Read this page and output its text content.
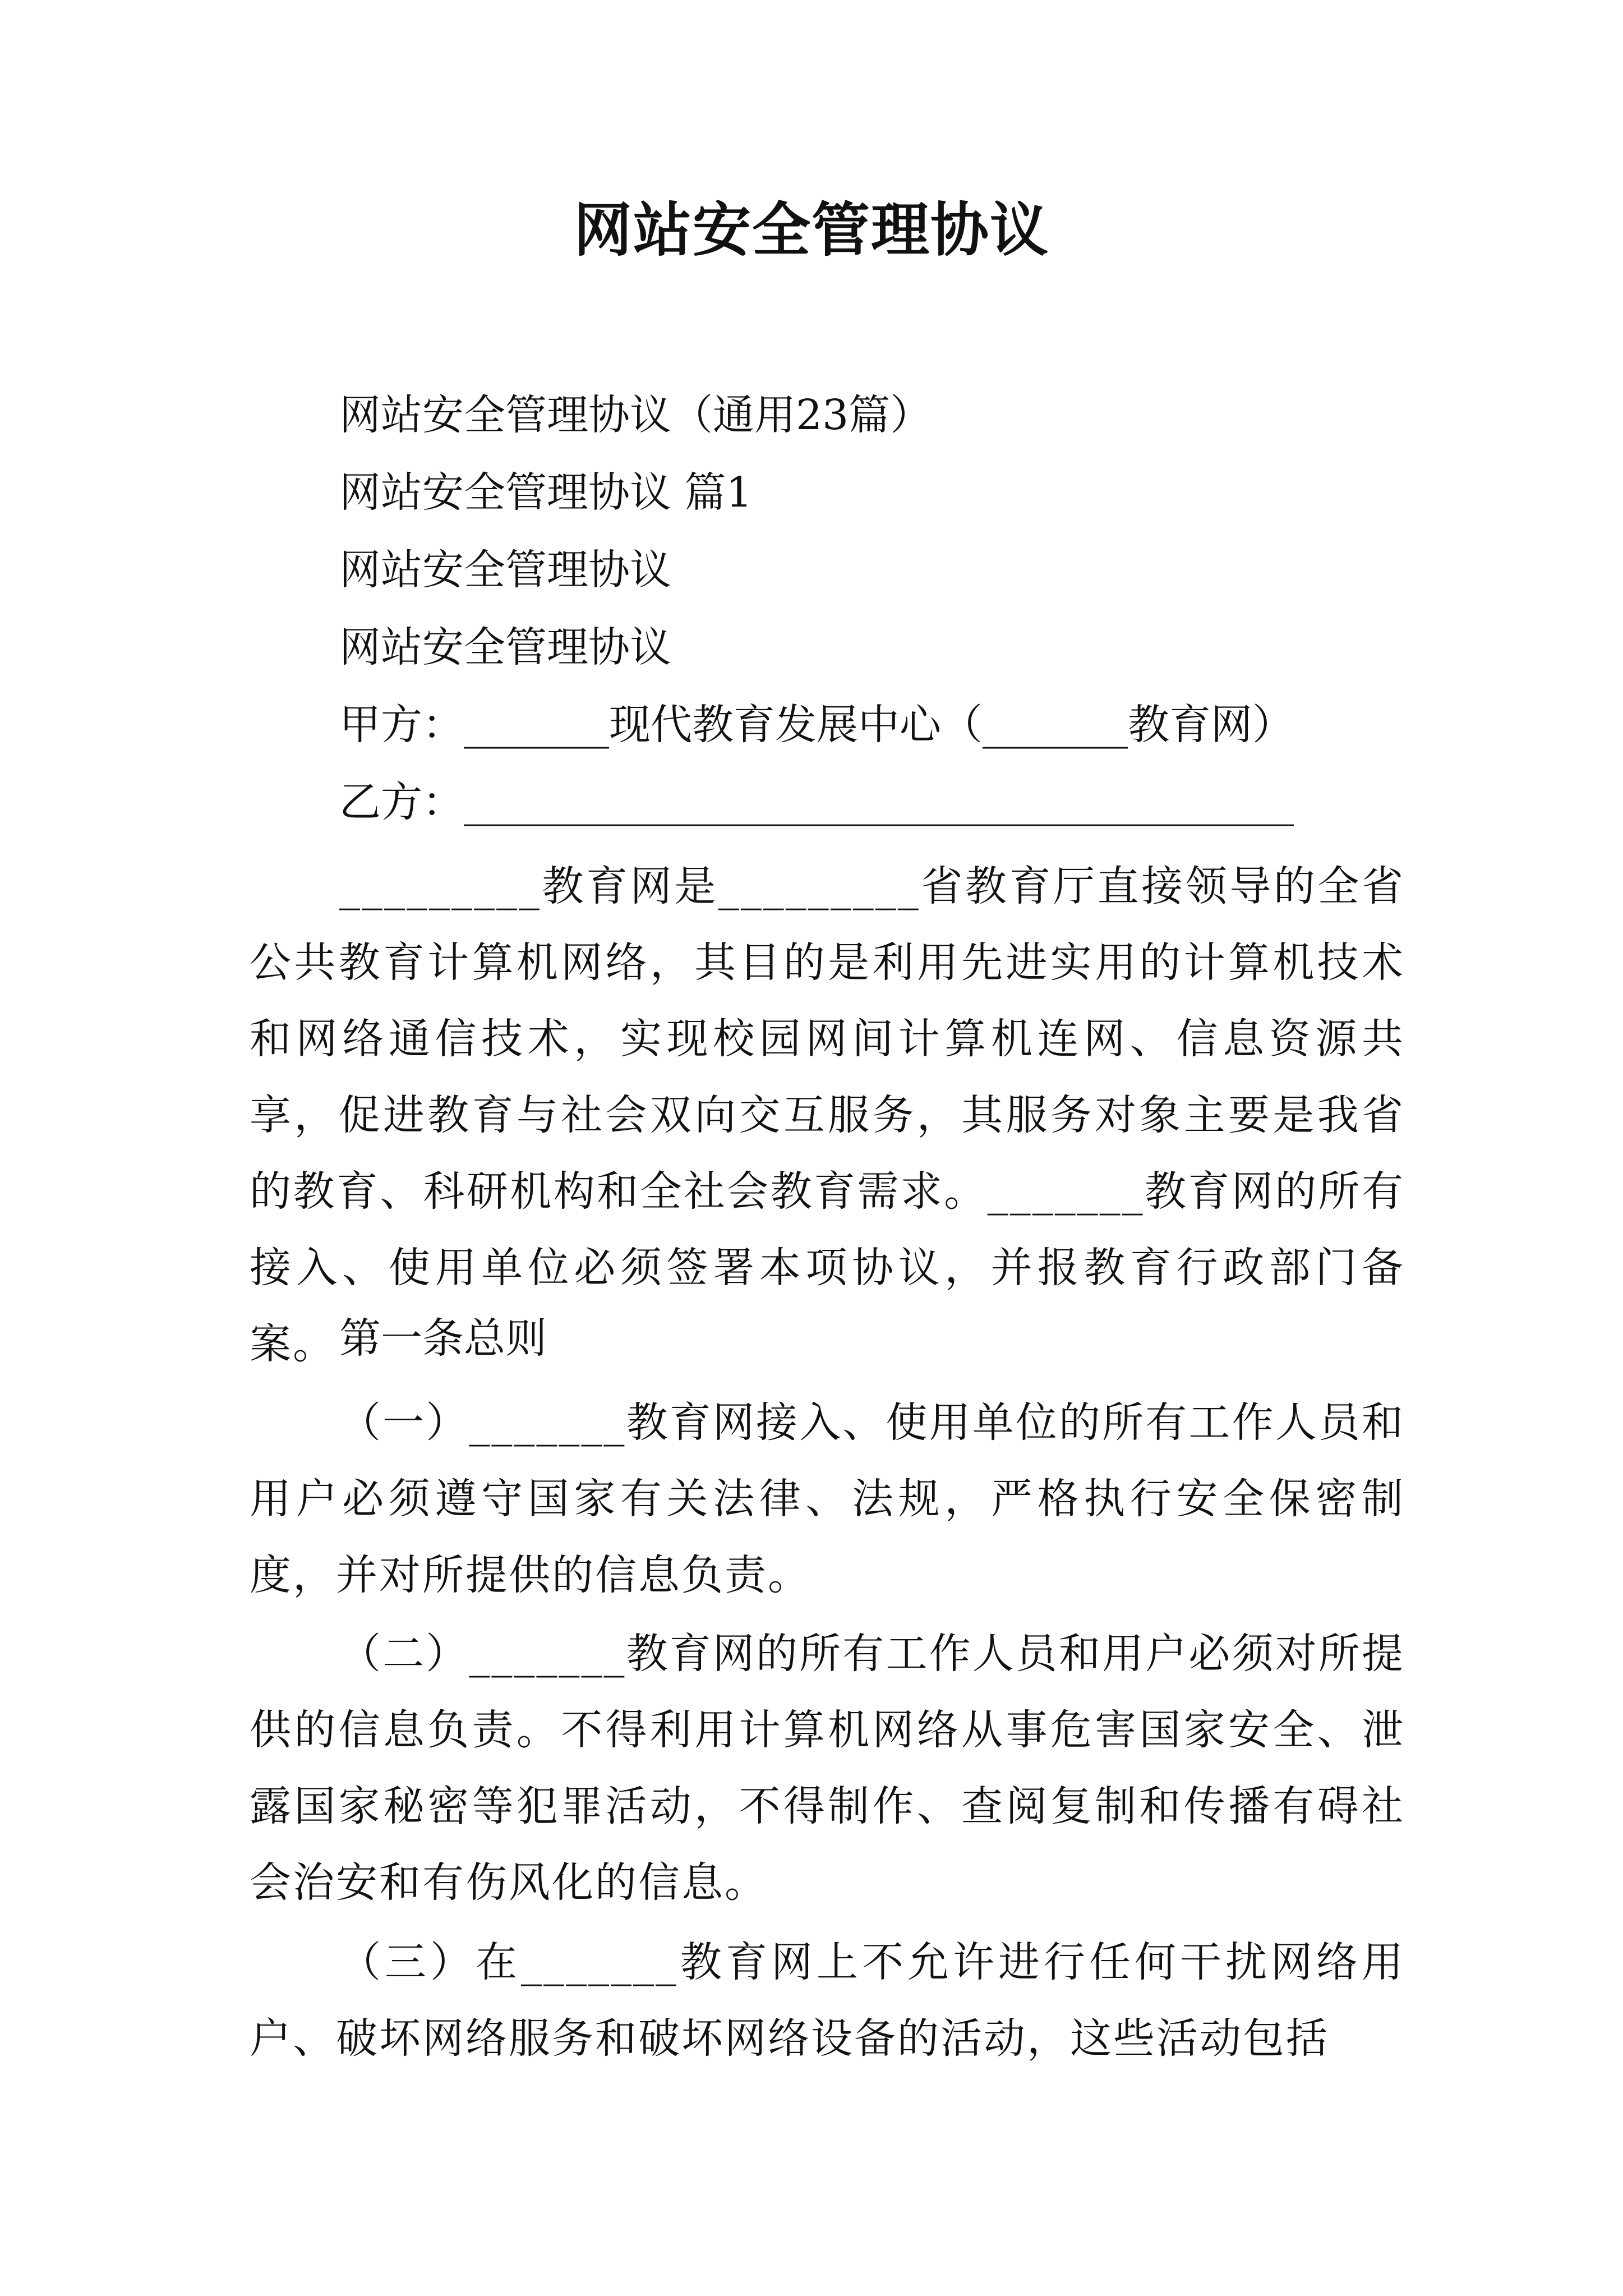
网站安全管理协议
网站安全管理协议（通用23篇）
网站安全管理协议 篇1
网站安全管理协议
网站安全管理协议
甲方：_______现代教育发展中心（_______教育网）
乙方：________________________________________
_________教育网是_________省教育厅直接领导的全省公共教育计算机网络，其目的是利用先进实用的计算机技术和网络通信技术，实现校园网间计算机连网、信息资源共享，促进教育与社会双向交互服务，其服务对象主要是我省的教育、科研机构和全社会教育需求。_______教育网的所有接入、使用单位必须签署本项协议，并报教育行政部门备案。 第一条总则
（一）_______教育网接入、使用单位的所有工作人员和用户必须遵守国家有关法律、法规，严格执行安全保密制度，并对所提供的信息负责。
（二）_______教育网的所有工作人员和用户必须对所提供的信息负责。不得利用计算机网络从事危害国家安全、泄露国家秘密等犯罪活动，不得制作、查阅复制和传播有碍社会治安和有伤风化的信息。
（三）在_______教育网上不允许进行任何干扰网络用户、破坏网络服务和破坏网络设备的活动，这些活动包括
